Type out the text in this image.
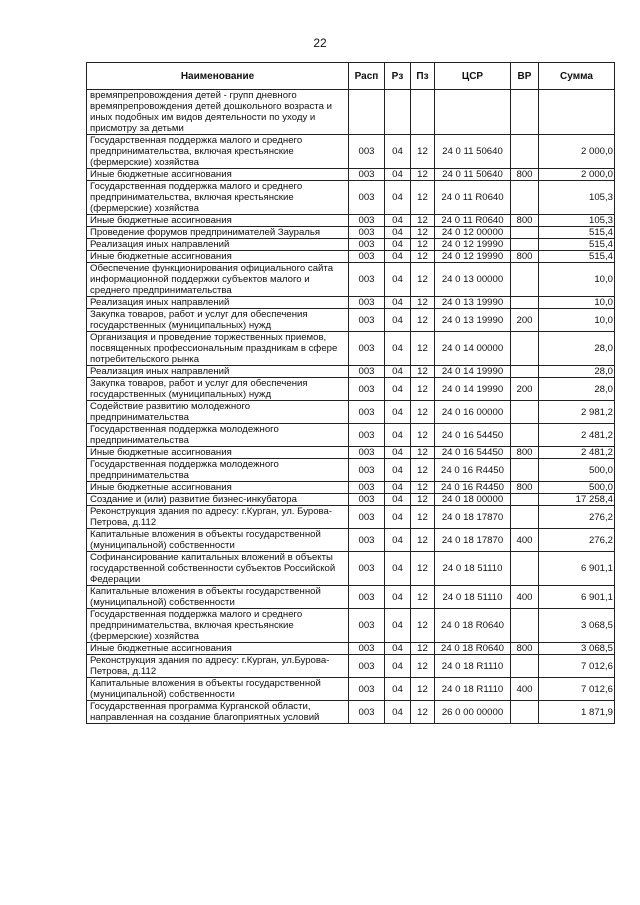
22
Наименование	Расп	Рз	Пз	ЦСР	ВР	Сумма
времяпрепровождения детей - групп дневного времяпрепровождения детей дошкольного возраста и иных подобных им видов деятельности по уходу и присмотру за детьми						
Государственная поддержка малого и среднего предпринимательства, включая крестьянские (фермерские) хозяйства	003	04	12	24 0 11 50640		2 000,0
Иные бюджетные ассигнования	003	04	12	24 0 11 50640	800	2 000,0
Государственная поддержка малого и среднего предпринимательства, включая крестьянские (фермерские) хозяйства	003	04	12	24 0 11 R0640		105,3
Иные бюджетные ассигнования	003	04	12	24 0 11 R0640	800	105,3
Проведение форумов предпринимателей Зауралья	003	04	12	24 0 12 00000		515,4
Реализация иных направлений	003	04	12	24 0 12 19990		515,4
Иные бюджетные ассигнования	003	04	12	24 0 12 19990	800	515,4
Обеспечение функционирования официального сайта информационной поддержки субъектов малого и среднего предпринимательства	003	04	12	24 0 13 00000		10,0
Реализация иных направлений	003	04	12	24 0 13 19990		10,0
Закупка товаров, работ и услуг для обеспечения государственных (муниципальных) нужд	003	04	12	24 0 13 19990	200	10,0
Организация и проведение торжественных приемов, посвященных профессиональным праздникам в сфере потребительского рынка	003	04	12	24 0 14 00000		28,0
Реализация иных направлений	003	04	12	24 0 14 19990		28,0
Закупка товаров, работ и услуг для обеспечения государственных (муниципальных) нужд	003	04	12	24 0 14 19990	200	28,0
Содействие развитию молодежного предпринимательства	003	04	12	24 0 16 00000		2 981,2
Государственная поддержка молодежного предпринимательства	003	04	12	24 0 16 54450		2 481,2
Иные бюджетные ассигнования	003	04	12	24 0 16 54450	800	2 481,2
Государственная поддержка молодежного предпринимательства	003	04	12	24 0 16 R4450		500,0
Иные бюджетные ассигнования	003	04	12	24 0 16 R4450	800	500,0
Создание и (или) развитие бизнес-инкубатора	003	04	12	24 0 18 00000		17 258,4
Реконструкция здания по адресу: г.Курган, ул. Бурова-Петрова, д.112	003	04	12	24 0 18 17870		276,2
Капитальные вложения в объекты государственной (муниципальной) собственности	003	04	12	24 0 18 17870	400	276,2
Софинансирование капитальных вложений в объекты государственной собственности субъектов Российской Федерации	003	04	12	24 0 18 51110		6 901,1
Капитальные вложения в объекты государственной (муниципальной) собственности	003	04	12	24 0 18 51110	400	6 901,1
Государственная поддержка малого и среднего предпринимательства, включая крестьянские (фермерские) хозяйства	003	04	12	24 0 18 R0640		3 068,5
Иные бюджетные ассигнования	003	04	12	24 0 18 R0640	800	3 068,5
Реконструкция здания по адресу: г.Курган, ул.Бурова-Петрова, д.112	003	04	12	24 0 18 R1110		7 012,6
Капитальные вложения в объекты государственной (муниципальной) собственности	003	04	12	24 0 18 R1110	400	7 012,6
Государственная программа Курганской области, направленная на создание благоприятных условий	003	04	12	26 0 00 00000		1 871,9
